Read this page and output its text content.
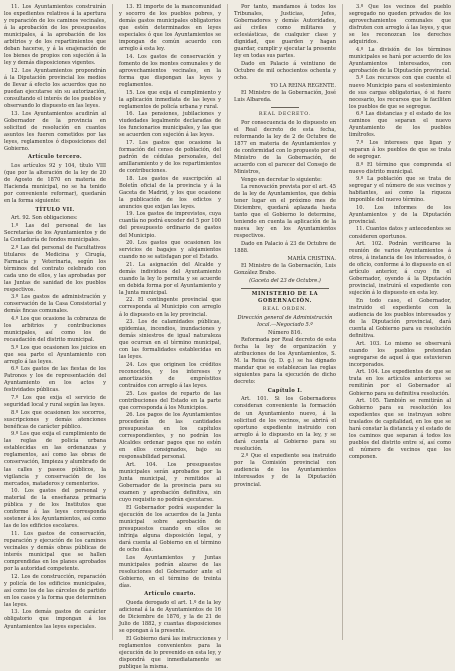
11. Los Ayuntamientos construirán los expedientes relativos á la apertura y reparación de los caminos vecinales, á la aprobación de los presupuestos municipales, á la aprobación de los arbitrios y de los repartimientos que deban hacerse, y á la enajenación de los bienes de propios con sujeción á la ley y demás disposiciones vigentes.

12. Los Ayuntamientos propondrán á la Diputación provincial los medios de llevar á efecto los acuerdos que no puedan ejecutarse sin su autorización, consultando el interés de los pueblos y observando lo dispuesto en las leyes.

13. Los Ayuntamientos acudirán al Gobernador de la provincia en solicitud de resolución en cuantos asuntos les fueren cometidos por las leyes, reglamentos ó disposiciones del Gobierno.

Artículo tercero.

Los artículos 92 y 104, título VIII (que por la alteración de la ley de 20 de Agosto de 1870 en materia de Hacienda municipal, no se ha tenido por conveniente reformar), quedarán en la forma siguiente:

TÍTULO VII.

Art. 92. Son obligaciones:

1.º Las del personal de las Secretarías de los Ayuntamientos y de la Contaduría de fondos municipales.

2.º Las del personal de Facultativos titulares de Medicina y Cirugía, Farmacia y Veterinaria, según los términos del contrato celebrado con cada uno de ellos, y las aprobadas por las Juntas de sanidad de los pueblos respectivos.

3.º Los gastos de administración y conservación de la Casa Consistorial y demás fincas comunales.

4.º Los que ocasione la cobranza de los arbitrios y contribuciones municipales, así como los de recaudación del distrito municipal.

5.º Los que ocasionen los juicios en que sea parte el Ayuntamiento con arreglo á las leyes.

6.º Los gastos de las fiestas de los Patronos y los de representación del Ayuntamiento en los actos y festividades públicas.

7.º Los que exija el servicio de seguridad local y rural según las leyes.

8.º Los que ocasionen los socorros, suscripciones y demás atenciones benéficas de carácter público.

9.º Los que exija el cumplimiento de las reglas de policía urbana establecidas en las ordenanzas y reglamentos, así como las obras de conservación, limpieza y alumbrado de las calles y paseos públicos, la vigilancia y conservación de los mercados, mataderos y cementerios.

10. Los gastos del personal y material de la enseñanza primaria pública y de los Institutos que conforme á las leyes corresponda sostener á los Ayuntamientos, así como las de los edificios escolares.

11. Los gastos de conservación, reparación y ejecución de los caminos vecinales y demás obras públicas de interés municipal que se hallen comprendidas en los planes aprobados por la autoridad competente.

12. Los de construcción, reparación y policía de los edificios municipales, así como los de las cárceles de partido en los casos y la forma que determinen las leyes.

13. Los demás gastos de carácter obligatorio que impongan á los Ayuntamientos las leyes especiales.

13. El importe de la mancomunidad y socorro de los pueblos pobres, y demás gastos municipales obligatorios que estén determinados en leyes especiales ó que los Ayuntamientos se impongan de común acuerdo con arreglo á esta ley.

14. Los gastos de conservación y fomento de los montes comunales y de aprovechamientos vecinales, en la forma que dispongan las leyes y reglamentos.

15. Los que exija el cumplimiento y la aplicación inmediata de las leyes y reglamentos de policía urbana y rural.

16. Las pensiones, jubilaciones y viudedades legalmente declaradas de los funcionarios municipales, y las que se acuerden con sujeción á las leyes.

17. Los gastos que ocasione la formación del censo de población, del padrón de cédulas personales, del amillaramiento y de los repartimientos de contribuciones.

18. Los gastos de suscripción al Boletín oficial de la provincia y á la Gaceta de Madrid, y los que ocasione la publicación de los edictos y anuncios que exijan las leyes.

19. Los gastos de imprevistos, cuya cuantía no podrá exceder del 5 por 100 del presupuesto ordinario de gastos del Municipio.

20. Los gastos que ocasionen los servicios de bagajes y alojamientos cuando no se satisfagan por el Estado.

21. La asignación del Alcalde y demás individuos del Ayuntamiento cuando la ley lo permita y se acuerde en debida forma por el Ayuntamiento y la Junta municipal.

22. El contingente provincial que corresponda al Municipio con arreglo á lo dispuesto en la ley provincial.

23. Los de calamidades públicas, epidemias, incendios, inundaciones y demás siniestros de igual naturaleza que ocurran en el término municipal, con las formalidades establecidas en las leyes.

24. Los que originen los créditos reconocidos, y los intereses y amortización de empréstitos contraídos con arreglo á las leyes.

25. Los gastos de reparto de las contribuciones del Estado en la parte que corresponda á los Municipios.

26. Los pagos de los Ayuntamientos procederán de las cantidades presupuestas en los capítulos correspondientes, y no podrán los Alcaldes ordenar pagos que no estén en ellos consignados, bajo su responsabilidad personal.

Art. 104. Los presupuestos municipales serán aprobados por la Junta municipal, y remitidos al Gobernador de la provincia para su examen y aprobación definitiva, sin cuyo requisito no podrán ejecutarse.

El Gobernador podrá suspender la ejecución de los acuerdos de la Junta municipal sobre aprobación de presupuestos cuando en ellos se infrinja alguna disposición legal, y dará cuenta al Gobierno en el término de ocho días.

Los Ayuntamientos y Juntas municipales podrán alzarse de las resoluciones del Gobernador ante el Gobierno, en el término de treinta días.

Artículo cuarto.

Queda derogado el art. 1.º de la ley adicional á la de Ayuntamientos de 16 de Diciembre de 1876, y la de 21 de Julio de 1882, y cuantas disposiciones se opongan á la presente.

El Gobierno dará las instrucciones y reglamentos convenientes para la ejecución de lo prevenido en esta ley, y dispondrá que inmediatamente se publique la misma.

Por tanto, mandamos á todos los Tribunales, Justicias, Jefes, Gobernadores y demás Autoridades, así civiles como militares y eclesiásticas, de cualquier clase y dignidad, que guarden y hagan guardar, cumplir y ejecutar la presente ley en todas sus partes.

Dado en Palacio á veintiuno de Octubre de mil ochocientos ochenta y ocho.

YO LA REINA REGENTE.

El Ministro de la Gobernación, José Luis Albareda.

REAL DECRETO.

Por consecuencia de lo dispuesto en el Real decreto de esta fecha, reformando la ley de 2 de Octubre de 1877 en materia de Ayuntamientos y de conformidad con lo propuesto por el Ministro de la Gobernación, de acuerdo con el parecer del Consejo de Ministros,

Vengo en decretar lo siguiente:

La renovación prevista por el art. 45 de la ley de Ayuntamientos, que debía tener lugar en el próximo mes de Diciembre, quedará aplazada hasta tanto que el Gobierno lo determine, teniendo en cuenta la aplicación de la nueva ley en los Ayuntamientos respectivos.

Dado en Palacio á 23 de Octubre de 1888.

MARÍA CRISTINA.

El Ministro de la Gobernación, Luis González Brabo.

(Gaceta del 23 de Octubre.)

MINISTERIO DE LA GOBERNACIÓN.
REAL ORDEN.

Dirección general de Administración local.—Negociado 5.º

Número 816.

Reformada por Real decreto de esta fecha la ley de organización y atribuciones de los Ayuntamientos, S. M. la Reina (q. D. g.) se ha dignado mandar que se establezcan las reglas siguientes para la ejecución de dicho decreto:

Capítulo I.

Art. 101. Si los Gobernadores consideran conveniente la formación de un Ayuntamiento nuevo, á la solicitud de los vecinos, se abrirá el oportuno expediente instruido con arreglo á lo dispuesto en la ley, y se dará cuenta al Gobierno para su resolución.

2.º Que el expediente sea instruido por la Comisión provincial con audiencia de los Ayuntamientos interesados y de la Diputación provincial.

3.º Que los vecinos del pueblo segregado no queden privados de los aprovechamientos comunales que disfruten con arreglo á las leyes, y que se les reconozcan los derechos adquiridos.

4.º La división de los términos municipales se hará por acuerdo de los Ayuntamientos interesados, con aprobación de la Diputación provincial.

5.º Los recursos con que cuente el nuevo Municipio para el sostenimiento de sus cargas obligatorias, ó si fuere necesario, los recursos que le faciliten los pueblos de que se segregue.

6.º Las distancias y el estado de los caminos que separan el nuevo Ayuntamiento de los pueblos limítrofes.

7.º Los intereses que ligan y separan á los pueblos de que se trata de segregar.

8.º El término que comprenda el nuevo distrito municipal.

9.º La población que se trata de segregar y el número de sus vecinos y habitantes, así como la riqueza imponible del nuevo término.

10. Los informes de los Ayuntamientos y de la Diputación provincial.

11. Cuantos datos y antecedentes se consideren oportunos.

Art. 102. Podrán verificarse la reunión de varios Ayuntamientos á otros, á instancia de los interesados, ó de oficio, conforme á lo dispuesto en el artículo anterior, á cuyo fin el Gobernador, oyendo á la Diputación provincial, instruirá el expediente con sujeción á lo dispuesto en esta ley.

En todo caso, el Gobernador, instruido el expediente con la audiencia de los pueblos interesados y de la Diputación provincial, dará cuenta al Gobierno para su resolución definitiva.

Art. 103. Lo mismo se observará cuando los pueblos pretendan segregarse de aquel á que estuvieren incorporados.

Art. 104. Los expedientes de que se trata en los artículos anteriores se remitirán por el Gobernador al Gobierno para su definitiva resolución.

Art. 105. También se remitirán al Gobierno para su resolución los expedientes que se instruyan sobre traslados de capitalidad, en los que se hará constar la distancia y el estado de los caminos que separan á todos los pueblos del distrito entre sí, así como el número de vecinos que los componen.
